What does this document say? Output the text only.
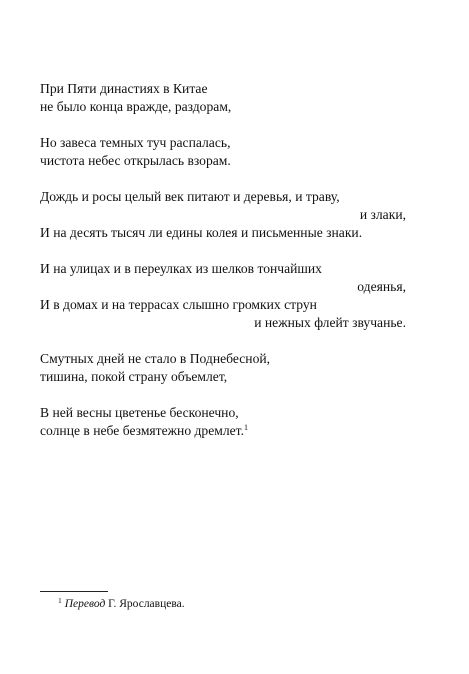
При Пяти династиях в Китае
не было конца вражде, раздорам,
Но завеса темных туч распалась,
чистота небес открылась взорам.
Дождь и росы целый век питают и деревья, и траву,
и злаки,
И на десять тысяч ли едины колея и письменные знаки.
И на улицах и в переулках из шелков тончайших
одеянья,
И в домах и на террасах слышно громких струн
и нежных флейт звучанье.
Смутных дней не стало в Поднебесной,
тишина, покой страну объемлет,
В ней весны цветенье бесконечно,
солнце в небе безмятежно дремлет.$^1$
$^1$ Перевод Г. Ярославцева.
